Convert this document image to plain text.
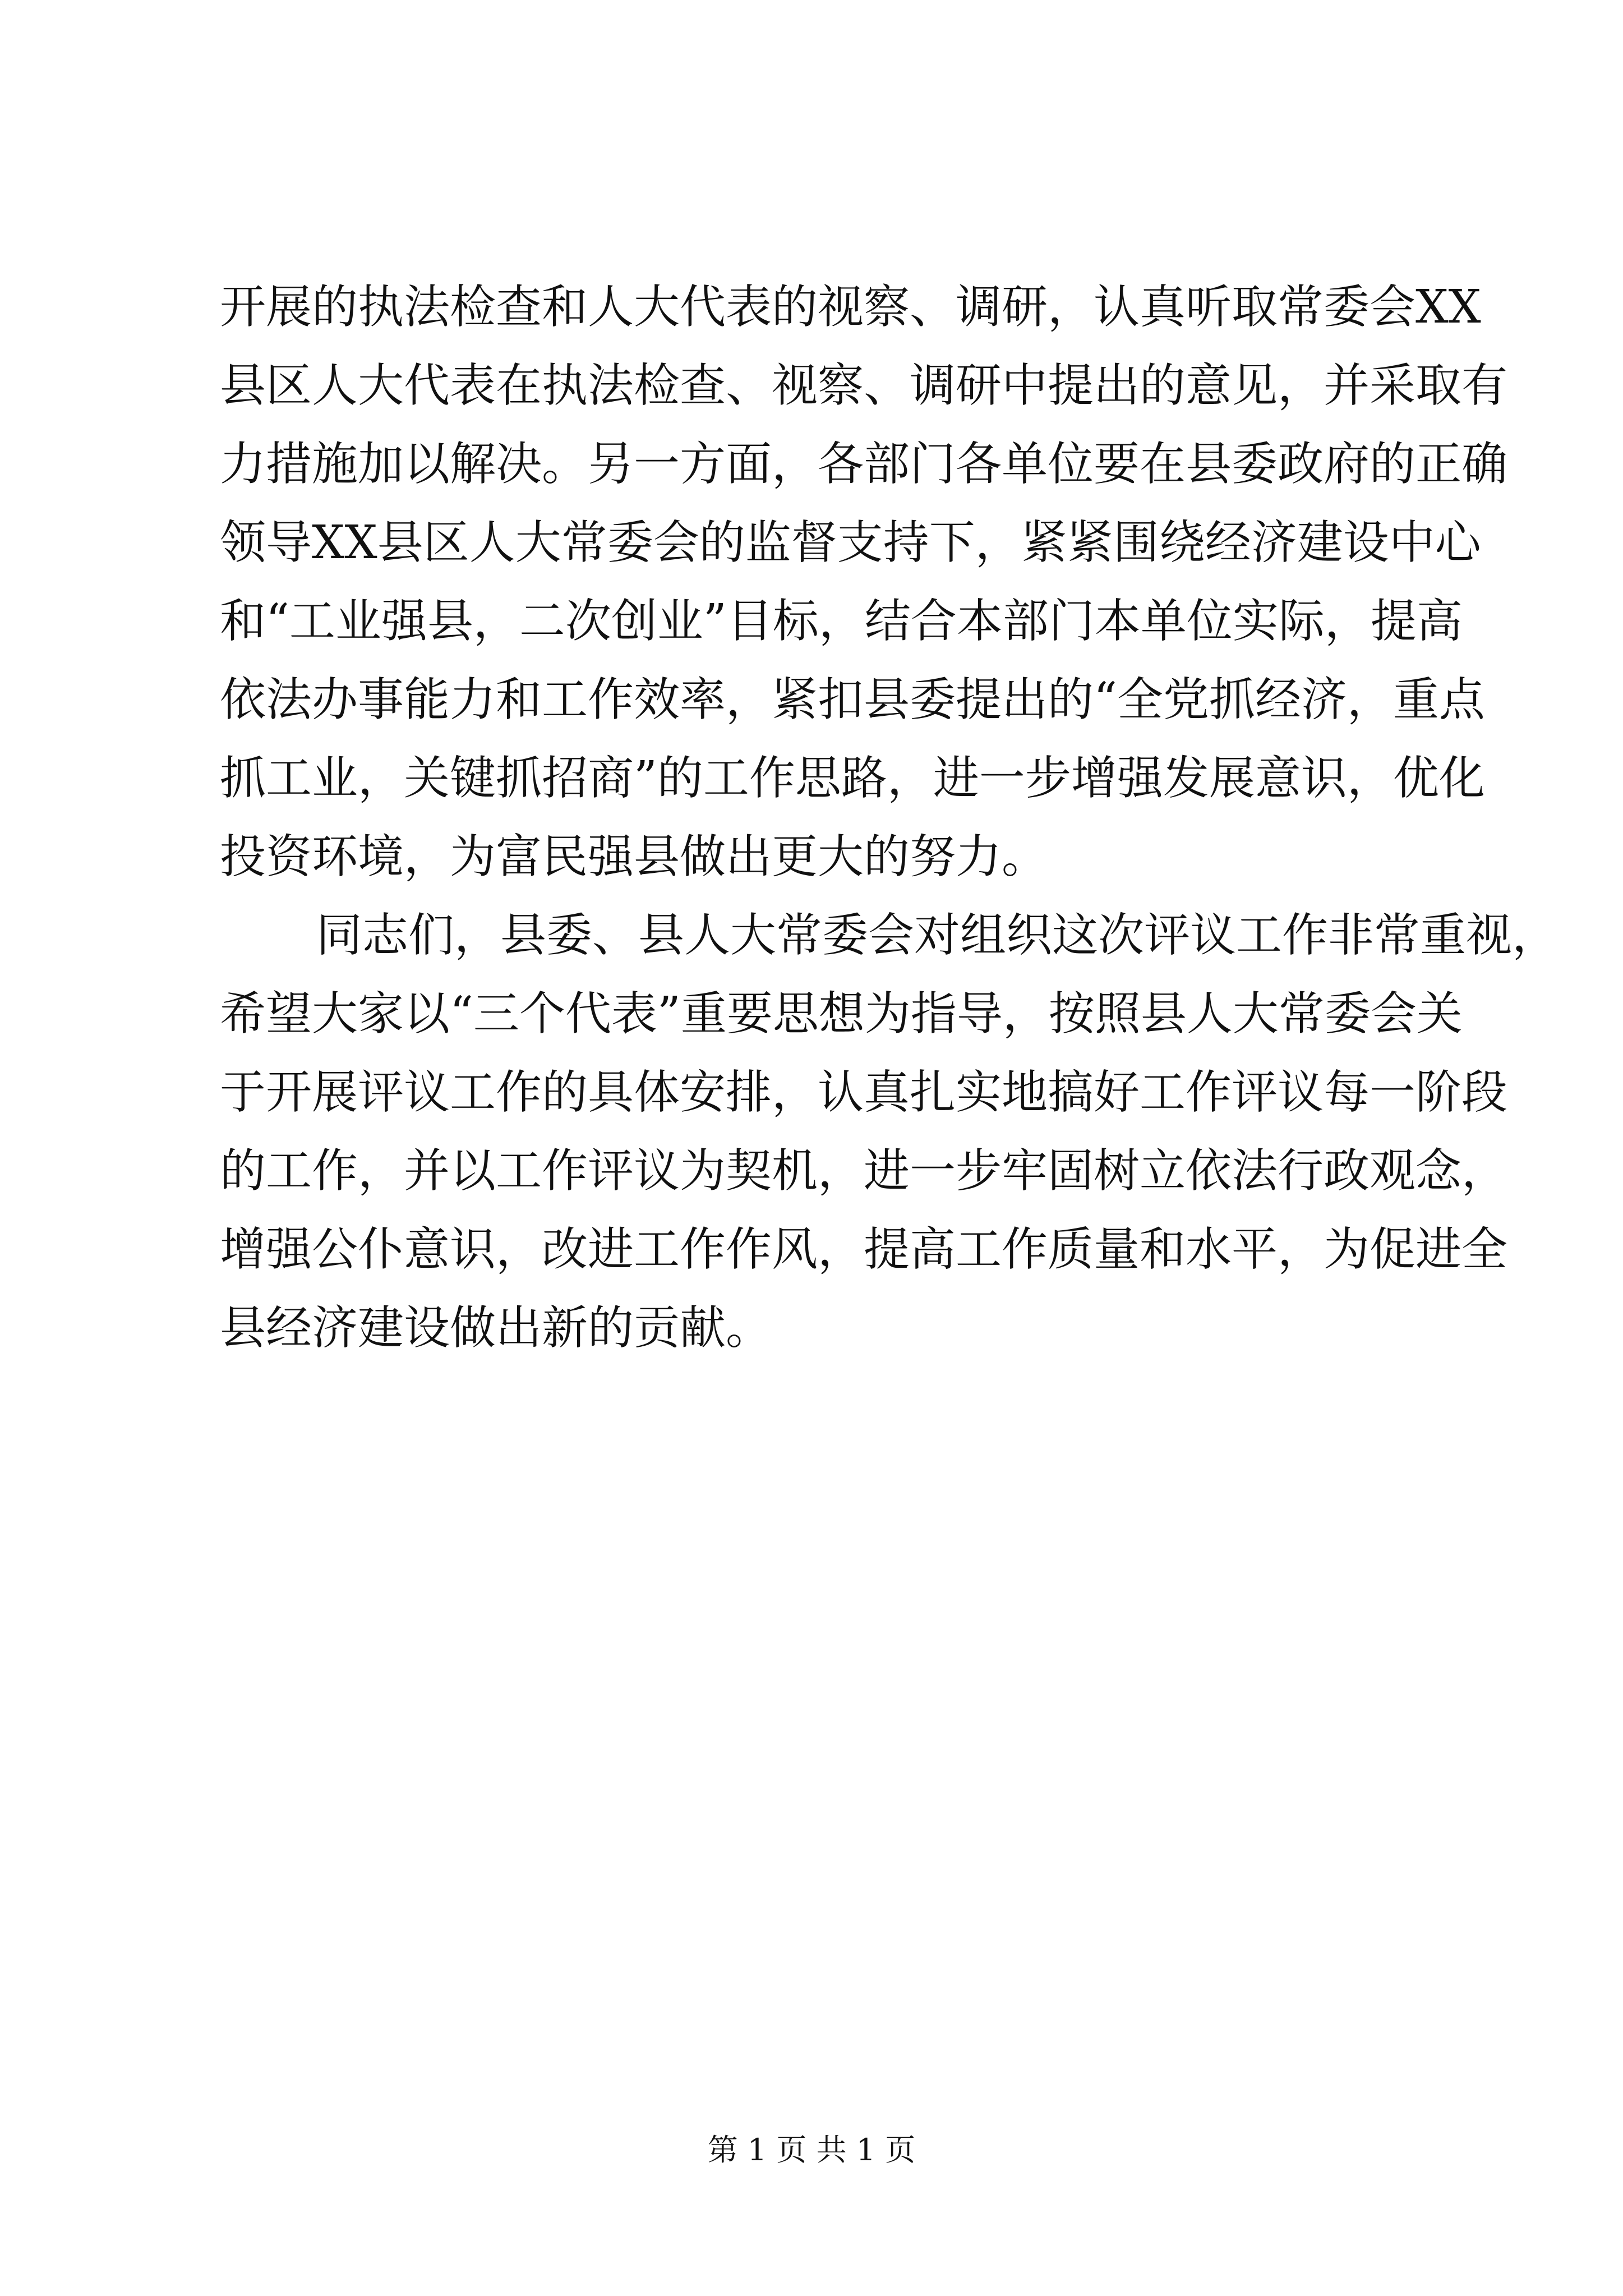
开展的执法检查和人大代表的视察、调研，认真听取常委会XX
县区人大代表在执法检查、视察、调研中提出的意见，并采取有
力措施加以解决。另一方面，各部门各单位要在县委政府的正确
领导XX县区人大常委会的监督支持下，紧紧围绕经济建设中心
和“工业强县，二次创业”目标，结合本部门本单位实际，提高
依法办事能力和工作效率，紧扣县委提出的“全党抓经济，重点
抓工业，关键抓招商”的工作思路，进一步增强发展意识，优化
投资环境，为富民强县做出更大的努力。
同志们，县委、县人大常委会对组织这次评议工作非常重视，
希望大家以“三个代表”重要思想为指导，按照县人大常委会关
于开展评议工作的具体安排，认真扎实地搞好工作评议每一阶段
的工作，并以工作评议为契机，进一步牢固树立依法行政观念，
增强公仆意识，改进工作作风，提高工作质量和水平，为促进全
县经济建设做出新的贡献。
第 1 页 共 1 页
